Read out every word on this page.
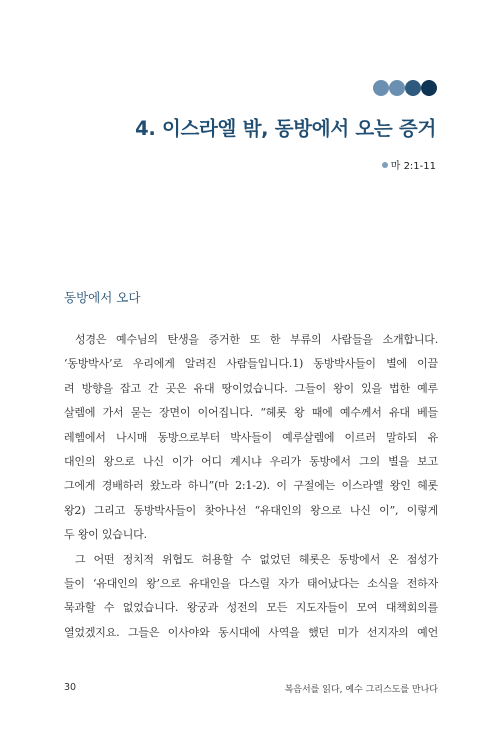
4. 이스라엘 밖, 동방에서 오는 증거
마 2:1-11
동방에서 오다
성경은 예수님의 탄생을 증거한 또 한 부류의 사람들을 소개합니다.
‘동방박사’로 우리에게 알려진 사람들입니다.1) 동방박사들이 별에 이끌
려 방향을 잡고 간 곳은 유대 땅이었습니다. 그들이 왕이 있을 법한 예루
살렘에 가서 묻는 장면이 이어집니다. “헤롯 왕 때에 예수께서 유대 베들
레헴에서 나시매 동방으로부터 박사들이 예루살렘에 이르러 말하되 유
대인의 왕으로 나신 이가 어디 계시냐 우리가 동방에서 그의 별을 보고
그에게 경배하러 왔노라 하니”(마 2:1-2). 이 구절에는 이스라엘 왕인 헤롯
왕2) 그리고 동방박사들이 찾아나선 “유대인의 왕으로 나신 이”, 이렇게
두 왕이 있습니다.
그 어떤 정치적 위협도 허용할 수 없었던 헤롯은 동방에서 온 점성가
들이 ‘유대인의 왕’으로 유대인을 다스릴 자가 태어났다는 소식을 전하자
묵과할 수 없었습니다. 왕궁과 성전의 모든 지도자들이 모여 대책회의를
열었겠지요. 그들은 이사야와 동시대에 사역을 했던 미가 선지자의 예언
30	복음서를 읽다, 예수 그리스도를 만나다
